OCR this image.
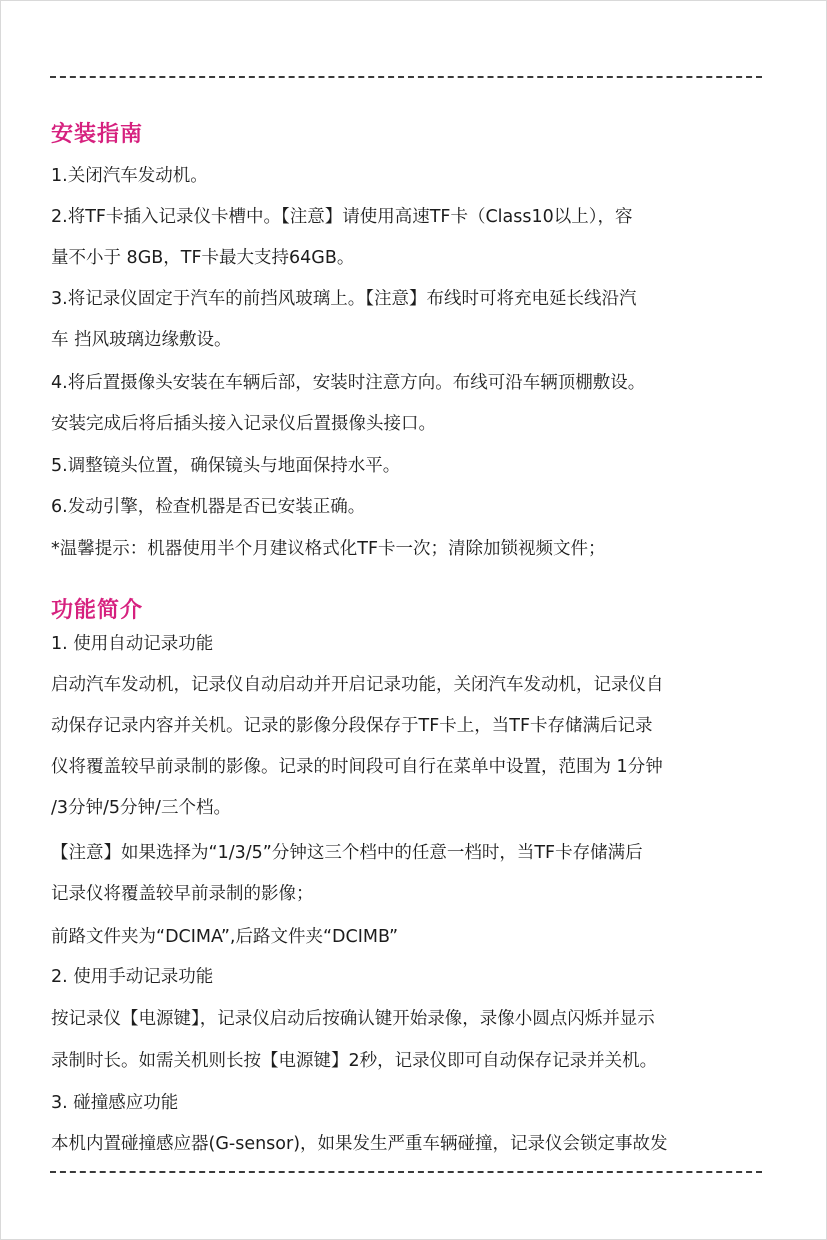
安装指南

1.关闭汽车发动机。

2.将TF卡插入记录仪卡槽中。【注意】请使用高速TF卡（Class10以上），容

量不小于 8GB，TF卡最大支持64GB。

3.将记录仪固定于汽车的前挡风玻璃上。【注意】布线时可将充电延长线沿汽

车 挡风玻璃边缘敷设。

4.将后置摄像头安装在车辆后部，安装时注意方向。布线可沿车辆顶棚敷设。

安装完成后将后插头接入记录仪后置摄像头接口。

5.调整镜头位置，确保镜头与地面保持水平。

6.发动引擎，检查机器是否已安装正确。

*温馨提示：机器使用半个月建议格式化TF卡一次；清除加锁视频文件；

功能简介

1. 使用自动记录功能

启动汽车发动机，记录仪自动启动并开启记录功能，关闭汽车发动机，记录仪自

动保存记录内容并关机。记录的影像分段保存于TF卡上，当TF卡存储满后记录

仪将覆盖较早前录制的影像。记录的时间段可自行在菜单中设置，范围为 1分钟

/3分钟/5分钟/三个档。

【注意】如果选择为“1/3/5”分钟这三个档中的任意一档时，当TF卡存储满后

记录仪将覆盖较早前录制的影像；

前路文件夹为“DCIMA”,后路文件夹“DCIMB”

2. 使用手动记录功能

按记录仪【电源键】，记录仪启动后按确认键开始录像，录像小圆点闪烁并显示

录制时长。如需关机则长按【电源键】2秒，记录仪即可自动保存记录并关机。

3. 碰撞感应功能

本机内置碰撞感应器(G-sensor)，如果发生严重车辆碰撞，记录仪会锁定事故发
